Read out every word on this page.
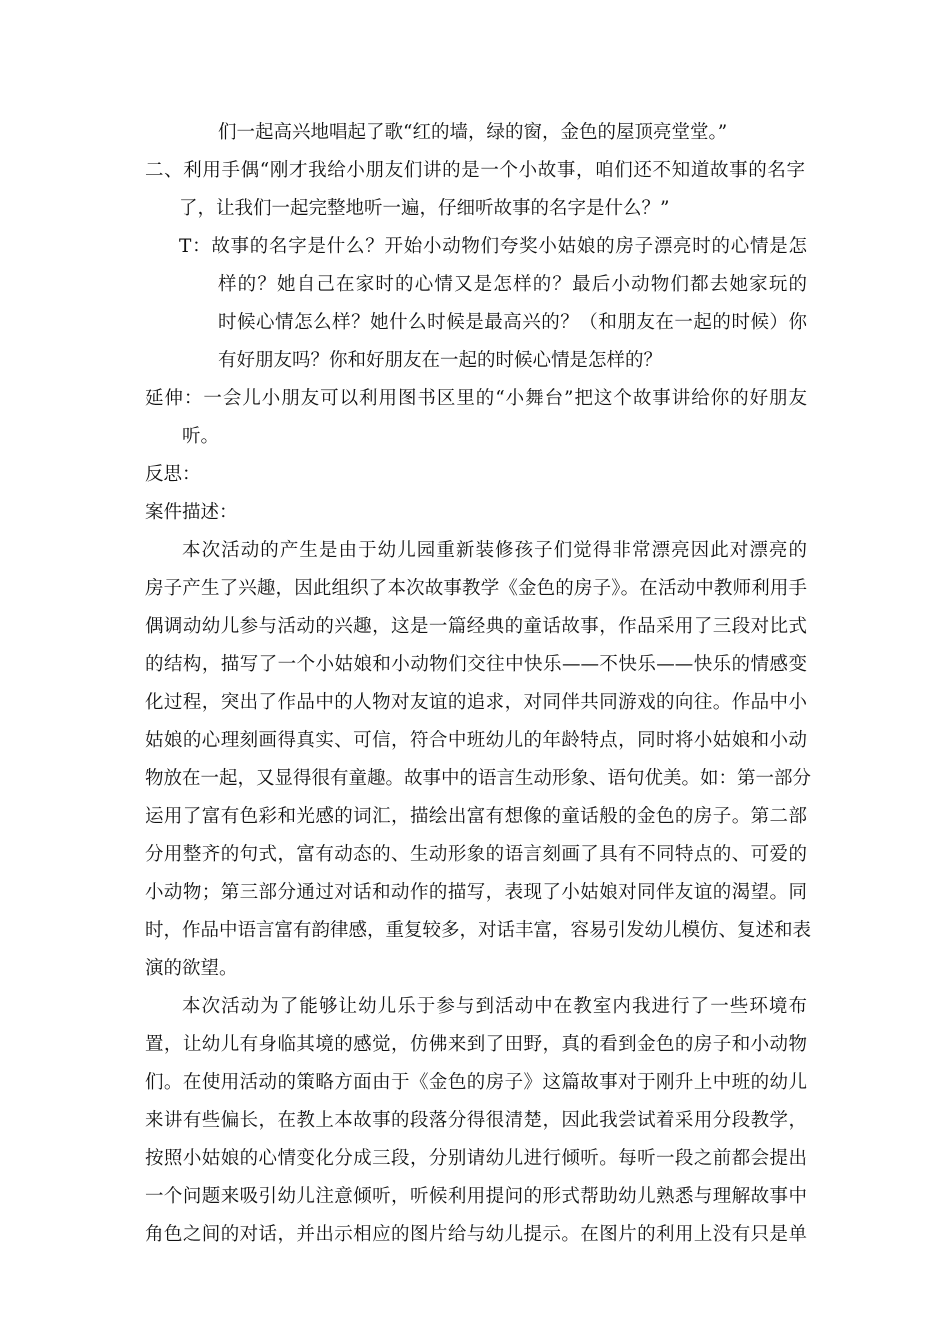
们一起高兴地唱起了歌“红的墙，绿的窗，金色的屋顶亮堂堂。”
二、利用手偶“刚才我给小朋友们讲的是一个小故事，咱们还不知道故事的名字
了，让我们一起完整地听一遍，仔细听故事的名字是什么？”
T：故事的名字是什么？开始小动物们夸奖小姑娘的房子漂亮时的心情是怎
样的？她自己在家时的心情又是怎样的？最后小动物们都去她家玩的
时候心情怎么样？她什么时候是最高兴的？（和朋友在一起的时候）你
有好朋友吗？你和好朋友在一起的时候心情是怎样的？
延伸：一会儿小朋友可以利用图书区里的“小舞台”把这个故事讲给你的好朋友
听。
反思：
案件描述：
本次活动的产生是由于幼儿园重新装修孩子们觉得非常漂亮因此对漂亮的
房子产生了兴趣，因此组织了本次故事教学《金色的房子》。在活动中教师利用手
偶调动幼儿参与活动的兴趣，这是一篇经典的童话故事，作品采用了三段对比式
的结构，描写了一个小姑娘和小动物们交往中快乐——不快乐——快乐的情感变
化过程，突出了作品中的人物对友谊的追求，对同伴共同游戏的向往。作品中小
姑娘的心理刻画得真实、可信，符合中班幼儿的年龄特点，同时将小姑娘和小动
物放在一起，又显得很有童趣。故事中的语言生动形象、语句优美。如：第一部分
运用了富有色彩和光感的词汇，描绘出富有想像的童话般的金色的房子。第二部
分用整齐的句式，富有动态的、生动形象的语言刻画了具有不同特点的、可爱的
小动物；第三部分通过对话和动作的描写，表现了小姑娘对同伴友谊的渴望。同
时，作品中语言富有韵律感，重复较多，对话丰富，容易引发幼儿模仿、复述和表
演的欲望。
本次活动为了能够让幼儿乐于参与到活动中在教室内我进行了一些环境布
置，让幼儿有身临其境的感觉，仿佛来到了田野，真的看到金色的房子和小动物
们。在使用活动的策略方面由于《金色的房子》这篇故事对于刚升上中班的幼儿
来讲有些偏长，在教上本故事的段落分得很清楚，因此我尝试着采用分段教学，
按照小姑娘的心情变化分成三段，分别请幼儿进行倾听。每听一段之前都会提出
一个问题来吸引幼儿注意倾听，听候利用提问的形式帮助幼儿熟悉与理解故事中
角色之间的对话，并出示相应的图片给与幼儿提示。在图片的利用上没有只是单
